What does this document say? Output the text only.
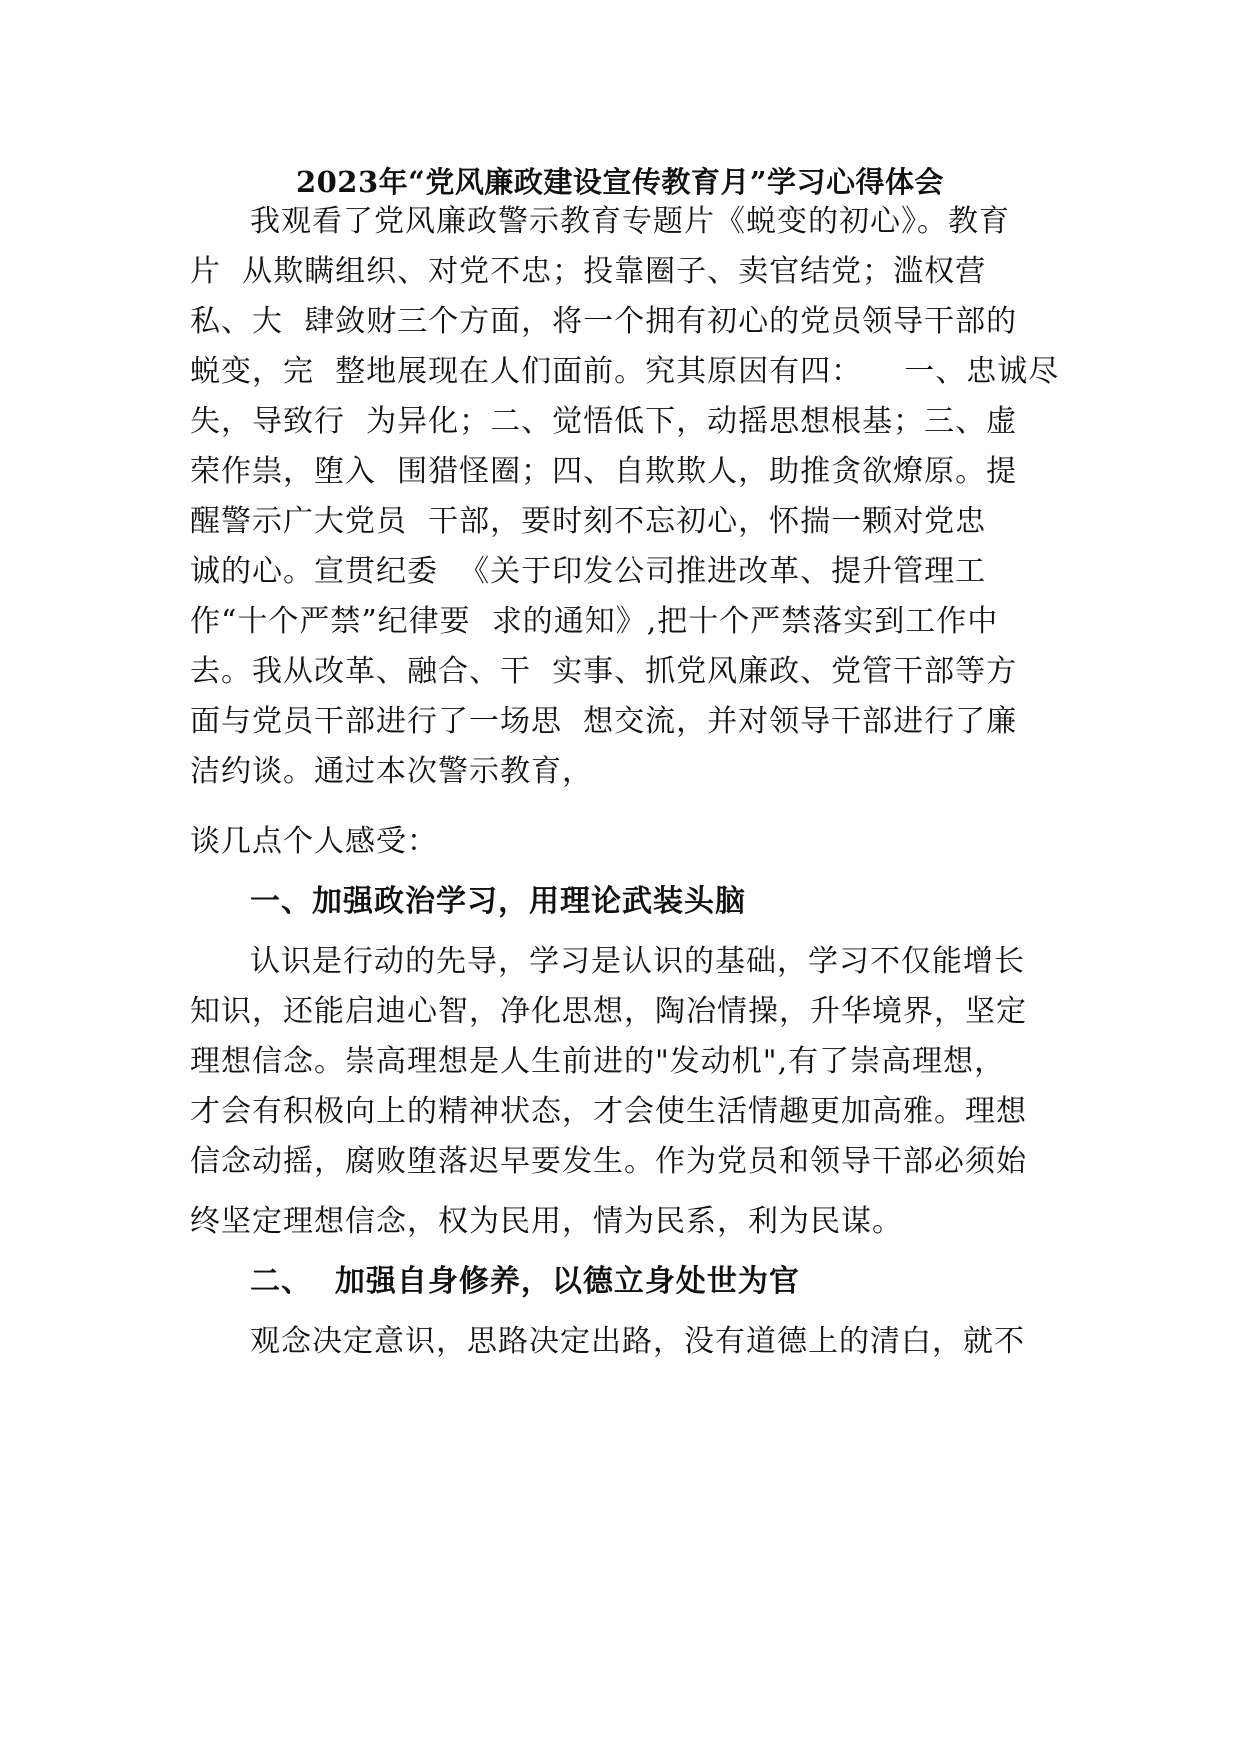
2023年“党风廉政建设宣传教育月”学习心得体会
我观看了党风廉政警示教育专题片《蜕变的初心》。教育
片  从欺瞒组织、对党不忠；投靠圈子、卖官结党；滥权营
私、大  肆敛财三个方面，将一个拥有初心的党员领导干部的
蜕变，完  整地展现在人们面前。究其原因有四：    一、忠诚尽
失，导致行  为异化；二、觉悟低下，动摇思想根基；三、虚
荣作祟，堕入  围猎怪圈；四、自欺欺人，助推贪欲燎原。提
醒警示广大党员  干部，要时刻不忘初心，怀揣一颗对党忠
诚的心。宣贯纪委  《关于印发公司推进改革、提升管理工
作“十个严禁”纪律要  求的通知》,把十个严禁落实到工作中
去。我从改革、融合、干  实事、抓党风廉政、党管干部等方
面与党员干部进行了一场思  想交流，并对领导干部进行了廉
洁约谈。通过本次警示教育，
谈几点个人感受：
一、加强政治学习，用理论武装头脑
认识是行动的先导，学习是认识的基础，学习不仅能增长
知识，还能启迪心智，净化思想，陶冶情操，升华境界，坚定
理想信念。崇高理想是人生前进的"发动机",有了崇高理想，
才会有积极向上的精神状态，才会使生活情趣更加高雅。理想
信念动摇，腐败堕落迟早要发生。作为党员和领导干部必须始
终坚定理想信念，权为民用，情为民系，利为民谋。
二、  加强自身修养，以德立身处世为官
观念决定意识，思路决定出路，没有道德上的清白，就不
